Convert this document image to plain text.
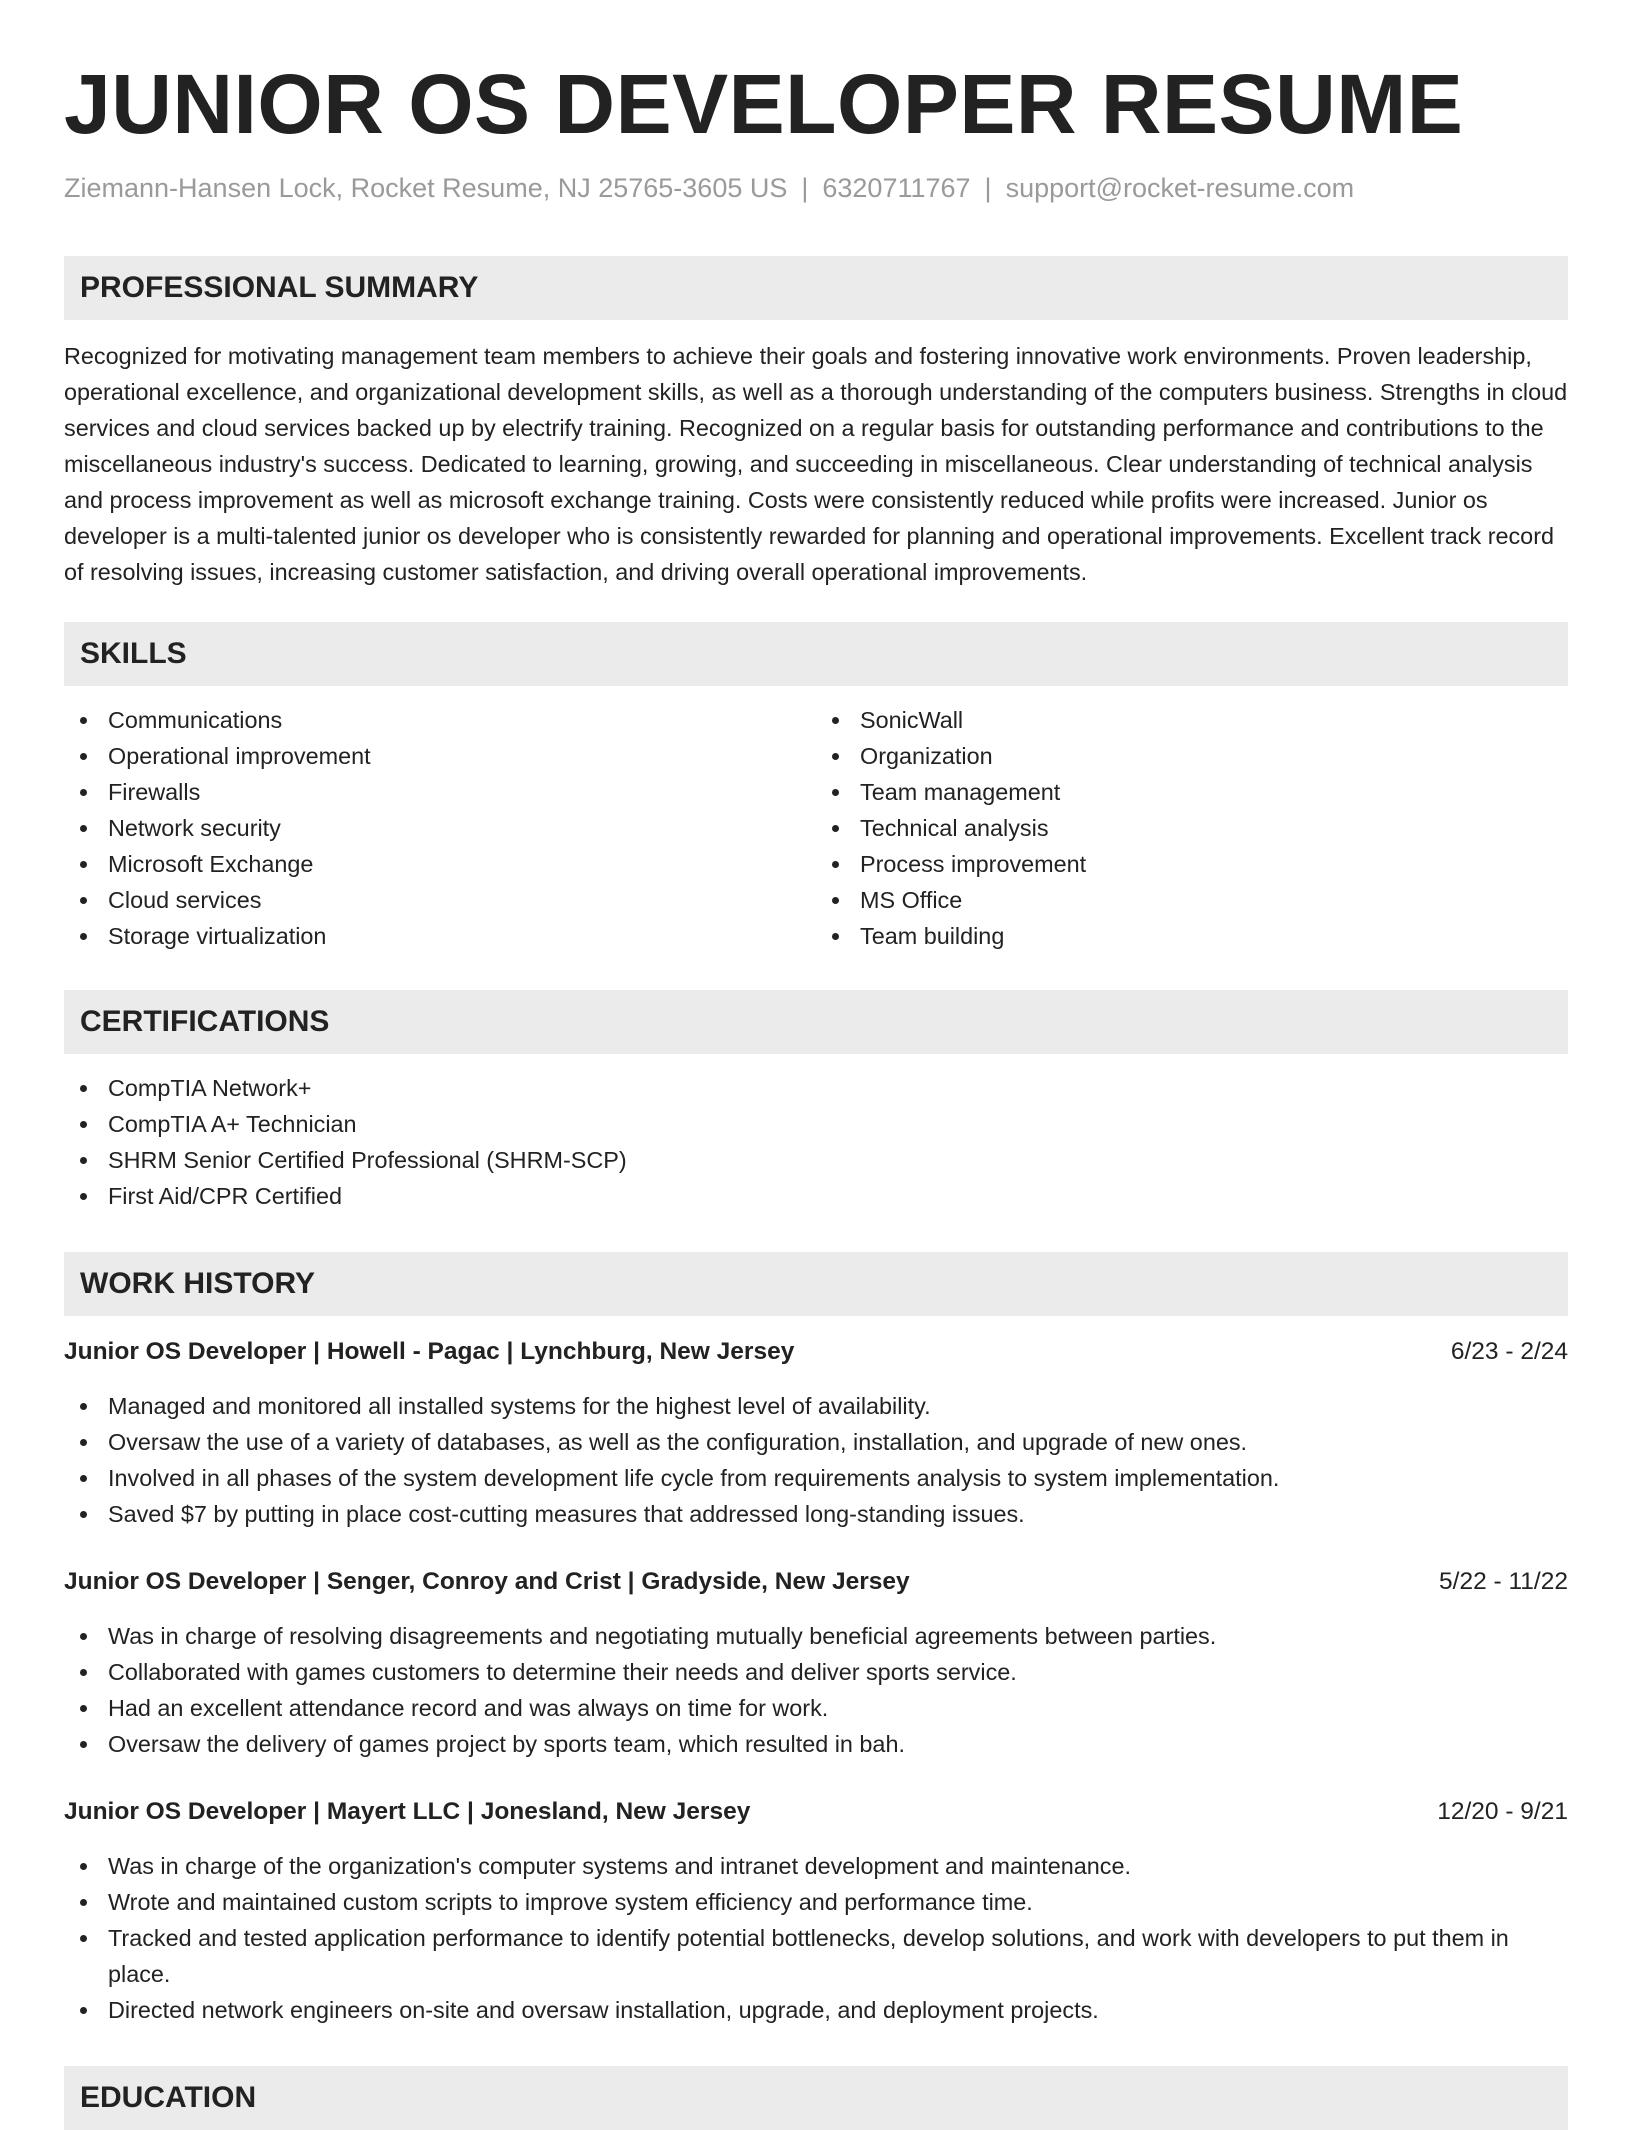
JUNIOR OS DEVELOPER RESUME
Ziemann-Hansen Lock, Rocket Resume, NJ 25765-3605 US | 6320711767 | support@rocket-resume.com
PROFESSIONAL SUMMARY

Recognized for motivating management team members to achieve their goals and fostering innovative work environments. Proven leadership, operational excellence, and organizational development skills, as well as a thorough understanding of the computers business. Strengths in cloud services and cloud services backed up by electrify training. Recognized on a regular basis for outstanding performance and contributions to the miscellaneous industry's success. Dedicated to learning, growing, and succeeding in miscellaneous. Clear understanding of technical analysis and process improvement as well as microsoft exchange training. Costs were consistently reduced while profits were increased. Junior os developer is a multi-talented junior os developer who is consistently rewarded for planning and operational improvements. Excellent track record of resolving issues, increasing customer satisfaction, and driving overall operational improvements.

SKILLS
Communications
Operational improvement
Firewalls
Network security
Microsoft Exchange
Cloud services
Storage virtualization
SonicWall
Organization
Team management
Technical analysis
Process improvement
MS Office
Team building
CERTIFICATIONS
CompTIA Network+
CompTIA A+ Technician
SHRM Senior Certified Professional (SHRM-SCP)
First Aid/CPR Certified
WORK HISTORY
Junior OS Developer | Howell - Pagac | Lynchburg, New Jersey	6/23 - 2/24
Managed and monitored all installed systems for the highest level of availability.
Oversaw the use of a variety of databases, as well as the configuration, installation, and upgrade of new ones.
Involved in all phases of the system development life cycle from requirements analysis to system implementation.
Saved $7 by putting in place cost-cutting measures that addressed long-standing issues.
Junior OS Developer | Senger, Conroy and Crist | Gradyside, New Jersey	5/22 - 11/22
Was in charge of resolving disagreements and negotiating mutually beneficial agreements between parties.
Collaborated with games customers to determine their needs and deliver sports service.
Had an excellent attendance record and was always on time for work.
Oversaw the delivery of games project by sports team, which resulted in bah.
Junior OS Developer | Mayert LLC | Jonesland, New Jersey	12/20 - 9/21
Was in charge of the organization's computer systems and intranet development and maintenance.
Wrote and maintained custom scripts to improve system efficiency and performance time.
Tracked and tested application performance to identify potential bottlenecks, develop solutions, and work with developers to put them in place.
Directed network engineers on-site and oversaw installation, upgrade, and deployment projects.
EDUCATION
